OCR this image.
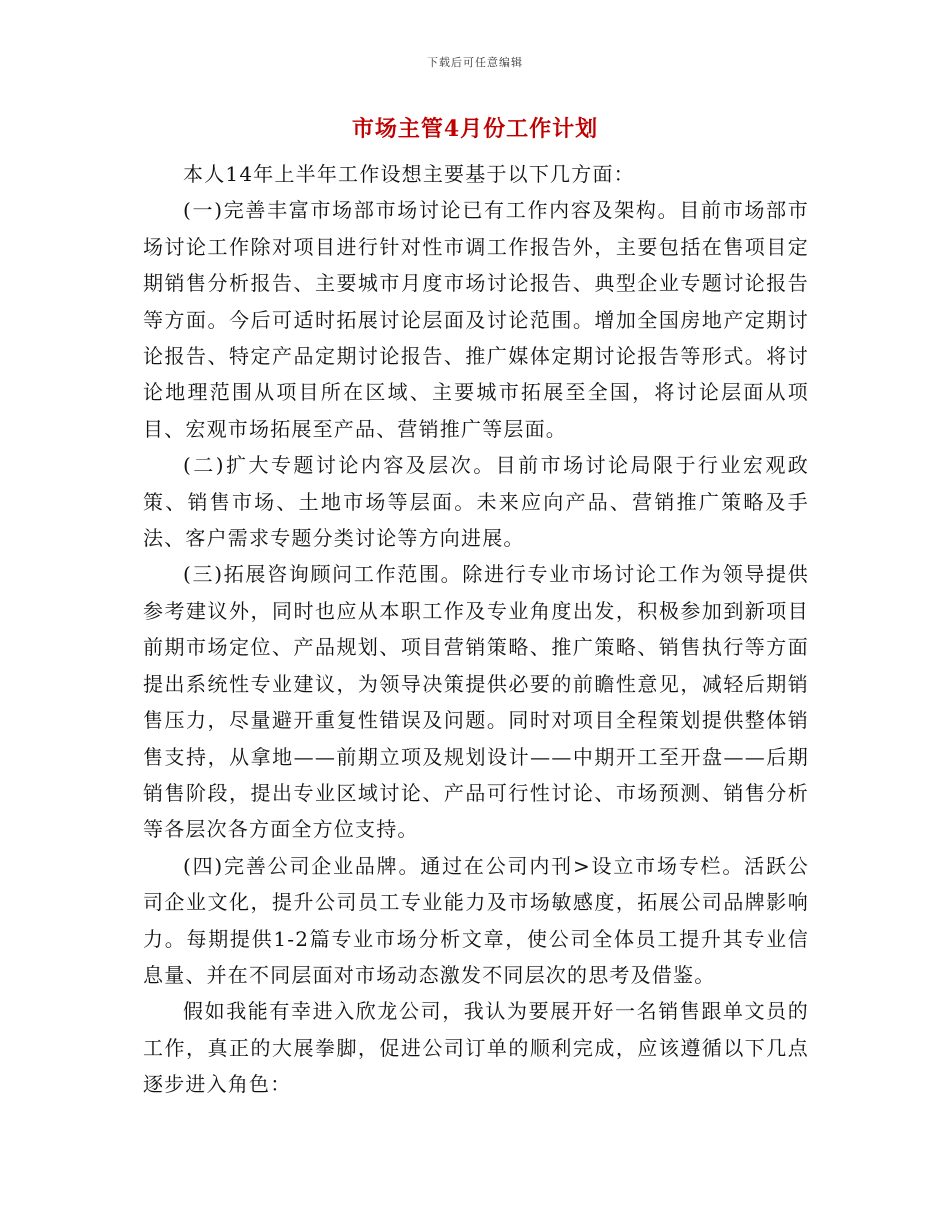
下载后可任意编辑
市场主管4月份工作计划

本人14年上半年工作设想主要基于以下几方面：

(一)完善丰富市场部市场讨论已有工作内容及架构。目前市场部市场讨论工作除对项目进行针对性市调工作报告外，主要包括在售项目定期销售分析报告、主要城市月度市场讨论报告、典型企业专题讨论报告等方面。今后可适时拓展讨论层面及讨论范围。增加全国房地产定期讨论报告、特定产品定期讨论报告、推广媒体定期讨论报告等形式。将讨论地理范围从项目所在区域、主要城市拓展至全国，将讨论层面从项目、宏观市场拓展至产品、营销推广等层面。

(二)扩大专题讨论内容及层次。目前市场讨论局限于行业宏观政策、销售市场、土地市场等层面。未来应向产品、营销推广策略及手法、客户需求专题分类讨论等方向进展。

(三)拓展咨询顾问工作范围。除进行专业市场讨论工作为领导提供参考建议外，同时也应从本职工作及专业角度出发，积极参加到新项目前期市场定位、产品规划、项目营销策略、推广策略、销售执行等方面提出系统性专业建议，为领导决策提供必要的前瞻性意见，减轻后期销售压力，尽量避开重复性错误及问题。同时对项目全程策划提供整体销售支持，从拿地——前期立项及规划设计——中期开工至开盘——后期销售阶段，提出专业区域讨论、产品可行性讨论、市场预测、销售分析等各层次各方面全方位支持。

(四)完善公司企业品牌。通过在公司内刊>设立市场专栏。活跃公司企业文化，提升公司员工专业能力及市场敏感度，拓展公司品牌影响力。每期提供1-2篇专业市场分析文章，使公司全体员工提升其专业信息量、并在不同层面对市场动态激发不同层次的思考及借鉴。

假如我能有幸进入欣龙公司，我认为要展开好一名销售跟单文员的工作，真正的大展拳脚，促进公司订单的顺利完成，应该遵循以下几点逐步进入角色：
